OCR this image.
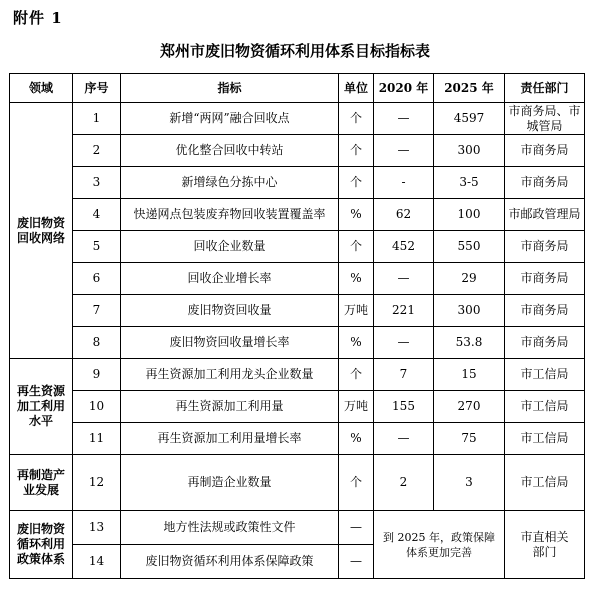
附件 1
郑州市废旧物资循环利用体系目标指标表
领域	序号	指标	单位	2020 年	2025 年	责任部门

废旧物资回收网络	1	新增“两网”融合回收点	个	—	4597	市商务局、市城管局
	2	优化整合回收中转站	个	—	300	市商务局
	3	新增绿色分拣中心	个	-	3-5	市商务局
	4	快递网点包装废弃物回收装置覆盖率	%	62	100	市邮政管理局
	5	回收企业数量	个	452	550	市商务局
	6	回收企业增长率	%	—	29	市商务局
	7	废旧物资回收量	万吨	221	300	市商务局
	8	废旧物资回收量增长率	%	—	53.8	市商务局

再生资源加工利用水平	9	再生资源加工利用龙头企业数量	个	7	15	市工信局
	10	再生资源加工利用量	万吨	155	270	市工信局
	11	再生资源加工利用量增长率	%	—	75	市工信局

再制造产业发展	12	再制造企业数量	个	2	3	市工信局

废旧物资循环利用政策体系	13	地方性法规或政策性文件	—	到 2025 年，政策保障体系更加完善		市直相关部门

	14	废旧物资循环利用体系保障政策	—			
